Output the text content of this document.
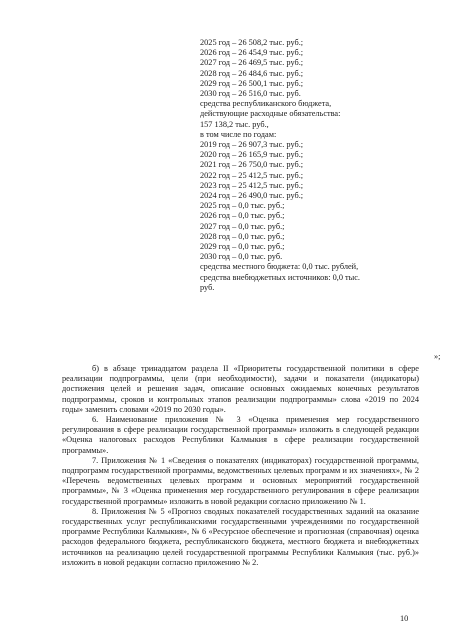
2025 год – 26 508,2 тыс. руб.;
2026 год – 26 454,9 тыс. руб.;
2027 год – 26 469,5 тыс. руб.;
2028 год – 26 484,6 тыс. руб.;
2029 год – 26 500,1 тыс. руб.;
2030 год – 26 516,0 тыс. руб.
средства республиканского бюджета,
действующие расходные обязательства:
157 138,2 тыс. руб.,
в том числе по годам:
2019 год – 26 907,3 тыс. руб.;
2020 год – 26 165,9 тыс. руб.;
2021 год – 26 750,0 тыс. руб.;
2022 год – 25 412,5 тыс. руб.;
2023 год – 25 412,5 тыс. руб.;
2024 год – 26 490,0 тыс. руб.;
2025 год – 0,0 тыс. руб.;
2026 год – 0,0 тыс. руб.;
2027 год – 0,0 тыс. руб.;
2028 год – 0,0 тыс. руб.;
2029 год – 0,0 тыс. руб.;
2030 год – 0,0 тыс. руб.
средства местного бюджета: 0,0 тыс. рублей,
средства внебюджетных источников: 0,0 тыс.
руб.
»;

б) в абзаце тринадцатом раздела II «Приоритеты государственной политики в сфере реализации подпрограммы, цели (при необходимости), задачи и показатели (индикаторы) достижения целей и решения задач, описание основных ожидаемых конечных результатов подпрограммы, сроков и контрольных этапов реализации подпрограммы» слова «2019 по 2024 годы» заменить словами «2019 по 2030 годы».

6. Наименование приложения № 3 «Оценка применения мер государственного регулирования в сфере реализации государственной программы» изложить в следующей редакции «Оценка налоговых расходов Республики Калмыкия в сфере реализации государственной программы».

7. Приложения № 1 «Сведения о показателях (индикаторах) государственной программы, подпрограмм государственной программы, ведомственных целевых программ и их значениях», № 2 «Перечень ведомственных целевых программ и основных мероприятий государственной программы», № 3 «Оценка применения мер государственного регулирования в сфере реализации государственной программы» изложить в новой редакции согласно приложению № 1.

8. Приложения № 5 «Прогноз сводных показателей государственных заданий на оказание государственных услуг республиканскими государственными учреждениями по государственной программе Республики Калмыкия», № 6 «Ресурсное обеспечение и прогнозная (справочная) оценка расходов федерального бюджета, республиканского бюджета, местного бюджета и внебюджетных источников на реализацию целей государственной программы Республики Калмыкия (тыс. руб.)» изложить в новой редакции согласно приложению № 2.

10
